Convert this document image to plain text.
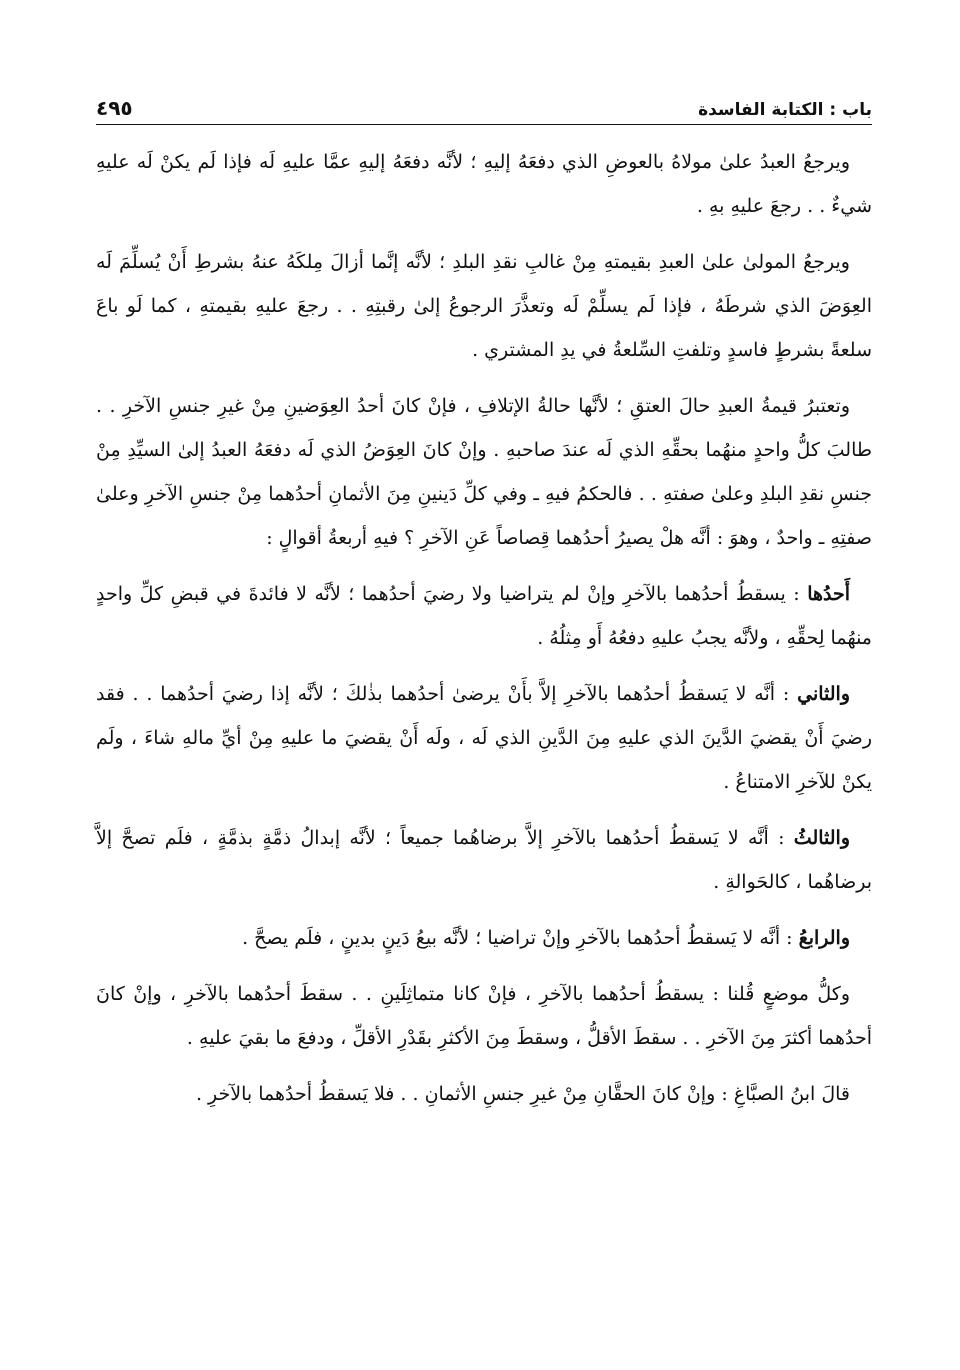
باب : الكتابة الفاسدة
٤٩٥

ويرجعُ العبدُ علىٰ مولاهُ بالعوضِ الذي دفعَهُ إليهِ ؛ لأنَّه دفعَهُ إليهِ عمَّا عليهِ لَه فإذا لَم يكنْ لَه عليهِ شيءٌ . . رجعَ عليهِ بهِ .

ويرجعُ المولىٰ علىٰ العبدِ بقيمتهِ مِنْ غالبِ نقدِ البلدِ ؛ لأنَّه إنَّما أزالَ مِلكَهُ عنهُ بشرطِ أَنْ يُسلِّمَ لَه العِوَضَ الذي شرطَهُ ، فإذا لَم يسلِّمْ لَه وتعذَّرَ الرجوعُ إلىٰ رقبتِهِ . . رجعَ عليهِ بقيمتهِ ، كما لَو باعَ سلعةً بشرطٍ فاسدٍ وتلفتِ السِّلعةُ في يدِ المشتري .

وتعتبرُ قيمةُ العبدِ حالَ العتقِ ؛ لأنَّها حالةُ الإتلافِ ، فإنْ كانَ أحدُ العِوَضينِ مِنْ غيرِ جنسِ الآخرِ . . طالبَ كلُّ واحدٍ منهُما بحقِّهِ الذي لَه عندَ صاحبهِ . وإنْ كانَ العِوَضُ الذي لَه دفعَهُ العبدُ إلىٰ السيِّدِ مِنْ جنسِ نقدِ البلدِ وعلىٰ صفتهِ . . فالحكمُ فيهِ ـ وفي كلِّ دَينينِ مِنَ الأثمانِ أحدُهما مِنْ جنسِ الآخرِ وعلىٰ صفتِهِ ـ واحدٌ ، وهوَ : أنَّه هلْ يصيرُ أحدُهما قِصاصاً عَنِ الآخرِ ؟ فيهِ أربعةُ أقوالٍ :

أَحدُها : يسقطُ أحدُهما بالآخرِ وإنْ لم يتراضيا ولا رضيَ أحدُهما ؛ لأنَّه لا فائدةَ في قبضِ كلِّ واحدٍ منهُما لِحقِّهِ ، ولأنَّه يجبُ عليهِ دفعُهُ أَو مِثلُهُ .

والثاني : أنَّه لا يَسقطُ أحدُهما بالآخرِ إلاَّ بأَنْ يرضىٰ أحدُهما بذٰلكَ ؛ لأنَّه إذا رضيَ أحدُهما . . فقد رضيَ أَنْ يقضيَ الدَّينَ الذي عليهِ مِنَ الدَّينِ الذي لَه ، ولَه أَنْ يقضيَ ما عليهِ مِنْ أيِّ مالهِ شاءَ ، ولَم يكنْ للآخرِ الامتناعُ .

والثالثُ : أنَّه لا يَسقطُ أحدُهما بالآخرِ إلاَّ برضاهُما جميعاً ؛ لأنَّه إبدالُ ذمَّةٍ بذمَّةٍ ، فلَم تصحَّ إلاَّ برضاهُما ، كالحَوالةِ .

والرابعُ : أنَّه لا يَسقطُ أحدُهما بالآخرِ وإنْ تراضيا ؛ لأنَّه بيعُ دَينٍ بدينٍ ، فلَم يصحَّ .

وكلُّ موضعٍ قُلنا : يسقطُ أحدُهما بالآخرِ ، فإنْ كانا متماثِلَينِ . . سقطَ أحدُهما بالآخرِ ، وإنْ كانَ أحدُهما أكثرَ مِنَ الآخرِ . . سقطَ الأقلُّ ، وسقطَ مِنَ الأكثرِ بقَدْرِ الأقلِّ ، ودفعَ ما بقيَ عليهِ .

قالَ ابنُ الصبَّاغِ : وإنْ كانَ الحقَّانِ مِنْ غيرِ جنسِ الأثمانِ . . فلا يَسقطُ أحدُهما بالآخرِ .
